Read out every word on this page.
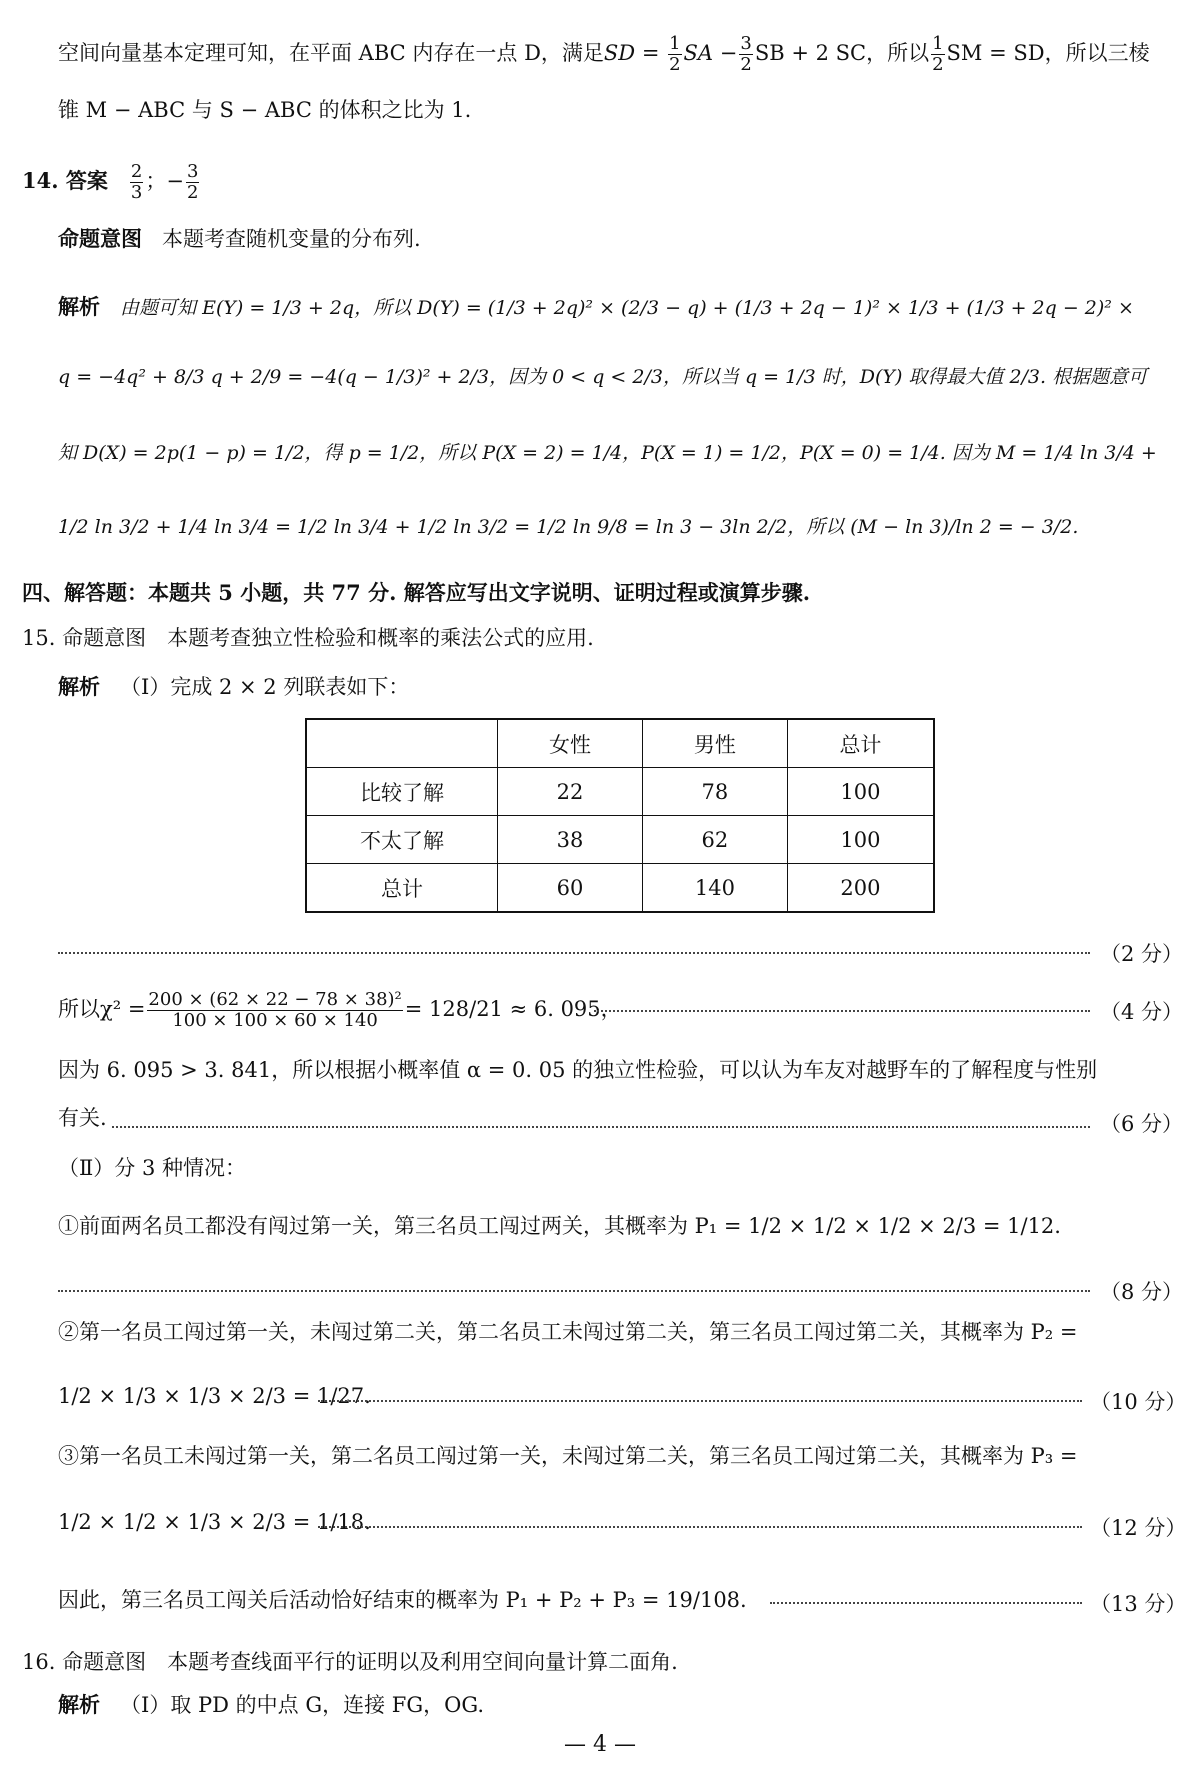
空间向量基本定理可知，在平面 ABC 内存在一点 D，满足SD = $\frac{1}{2}$ SA − $\frac{3}{2}$ SB + 2 SC，所以 $\frac{1}{2}$ SM = SD，所以三棱
锥 M − ABC 与 S − ABC 的体积之比为 1.
14. 答案 $\frac{2}{3}$ ；− $\frac{3}{2}$
命题意图 本题考查随机变量的分布列.
解析 由题可知 E(Y) = 1/3 + 2q，所以 D(Y) = (1/3 + 2q)² × (2/3 − q) + (1/3 + 2q − 1)² × 1/3 + (1/3 + 2q − 2)² ×
q = −4q² + 8/3 q + 2/9 = −4(q − 1/3)² + 2/3，因为 0 < q < 2/3，所以当 q = 1/3 时，D(Y) 取得最大值 2/3. 根据题意可
知 D(X) = 2p(1 − p) = 1/2，得 p = 1/2，所以 P(X = 2) = 1/4，P(X = 1) = 1/2，P(X = 0) = 1/4. 因为 M = 1/4 ln 3/4 +
1/2 ln 3/2 + 1/4 ln 3/4 = 1/2 ln 3/4 + 1/2 ln 3/2 = 1/2 ln 9/8 = ln 3 − 3ln 2/2，所以 (M − ln 3)/ln 2 = − 3/2.
四、解答题：本题共 5 小题，共 77 分. 解答应写出文字说明、证明过程或演算步骤.
15. 命题意图　本题考查独立性检验和概率的乘法公式的应用.
解析 （Ⅰ）完成 2 × 2 列联表如下：
	女性	男性	总计
比较了解	22	78	100
不太了解	38	62	100
总计	60	140	200
（2 分）
所以$\chi^2 = \frac{\text{200 × (62 × 22 − 78 × 38)²}}{100 \times 100 \times 60 \times 140} = 128/21 \approx 6$. 095，	（4 分）
因为 6. 095 > 3. 841，所以根据小概率值 α = 0. 05 的独立性检验，可以认为车友对越野车的了解程度与性别
有关.	（6 分）
（Ⅱ）分 3 种情况：
①前面两名员工都没有闯过第一关，第三名员工闯过两关，其概率为 P₁ = 1/2 × 1/2 × 1/2 × 2/3 = 1/12.
（8 分）
②第一名员工闯过第一关，未闯过第二关，第二名员工未闯过第二关，第三名员工闯过第二关，其概率为 P₂ =
1/2 × 1/3 × 1/3 × 2/3 = 1/27.	（10 分）
③第一名员工未闯过第一关，第二名员工闯过第一关，未闯过第二关，第三名员工闯过第二关，其概率为 P₃ =
1/2 × 1/2 × 1/3 × 2/3 = 1/18.	（12 分）
因此，第三名员工闯关后活动恰好结束的概率为 P₁ + P₂ + P₃ = 19/108.	（13 分）
16. 命题意图　本题考查线面平行的证明以及利用空间向量计算二面角.
解析 （Ⅰ）取 PD 的中点 G，连接 FG，OG.
— 4 —
